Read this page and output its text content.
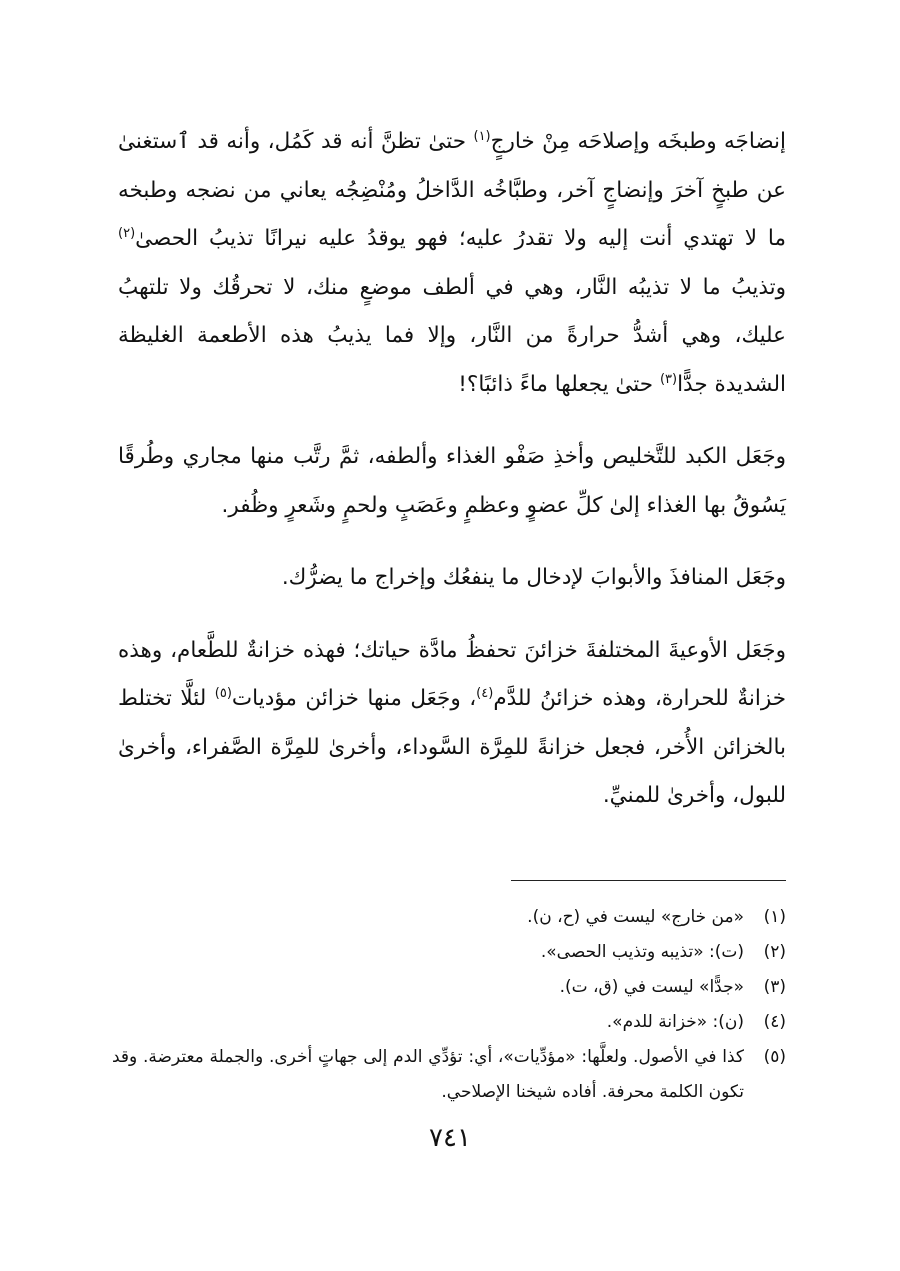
إنضاجَه وطبخَه وإصلاحَه مِنْ خارجٍ$^{(١)}$ حتىٰ تظنَّ أنه قد كَمُل، وأنه قد ٱستغنىٰ عن طبخٍ آخرَ وإنضاجٍ آخر، وطبَّاخُه الدَّاخلُ ومُنْضِجُه يعاني من نضجه وطبخه ما لا تهتدي أنت إليه ولا تقدرُ عليه؛ فهو يوقدُ عليه نيرانًا تذيبُ الحصىٰ$^{(٢)}$ وتذيبُ ما لا تذيبُه النَّار، وهي في ألطف موضعٍ منك، لا تحرقُك ولا تلتهبُ عليك، وهي أشدُّ حرارةً من النَّار، وإلا فما يذيبُ هذه الأطعمة الغليظة الشديدة جدًّا$^{(٣)}$ حتىٰ يجعلها ماءً ذائبًا؟!

وجَعَل الكبد للتَّخليص وأخذِ صَفْو الغذاء وألطفه، ثمَّ رتَّب منها مجاري وطُرقًا يَسُوقُ بها الغذاء إلىٰ كلِّ عضوٍ وعظمٍ وعَصَبٍ ولحمٍ وشَعرٍ وظُفر.

وجَعَل المنافذَ والأبوابَ لإدخال ما ينفعُك وإخراج ما يضرُّك.

وجَعَل الأوعيةَ المختلفةَ خزائنَ تحفظُ مادَّة حياتك؛ فهذه خزانةٌ للطَّعام، وهذه خزانةٌ للحرارة، وهذه خزائنُ للدَّم$^{(٤)}$، وجَعَل منها خزائن مؤديات$^{(٥)}$ لئلَّا تختلط بالخزائن الأُخر، فجعل خزانةً للمِرَّة السَّوداء، وأخرىٰ للمِرَّة الصَّفراء، وأخرىٰ للبول، وأخرىٰ للمنيِّ.

(١)
«من خارج» ليست في (ح، ن).
(٢)
(ت): «تذيبه وتذيب الحصى».
(٣)
«جدًّا» ليست في (ق، ت).
(٤)
(ن): «خزانة للدم».
(٥)
كذا في الأصول. ولعلَّها: «مؤدِّيات»، أي: تؤدِّي الدم إلى جهاتٍ أخرى. والجملة معترضة. وقد تكون الكلمة محرفة. أفاده شيخنا الإصلاحي.
٧٤١
